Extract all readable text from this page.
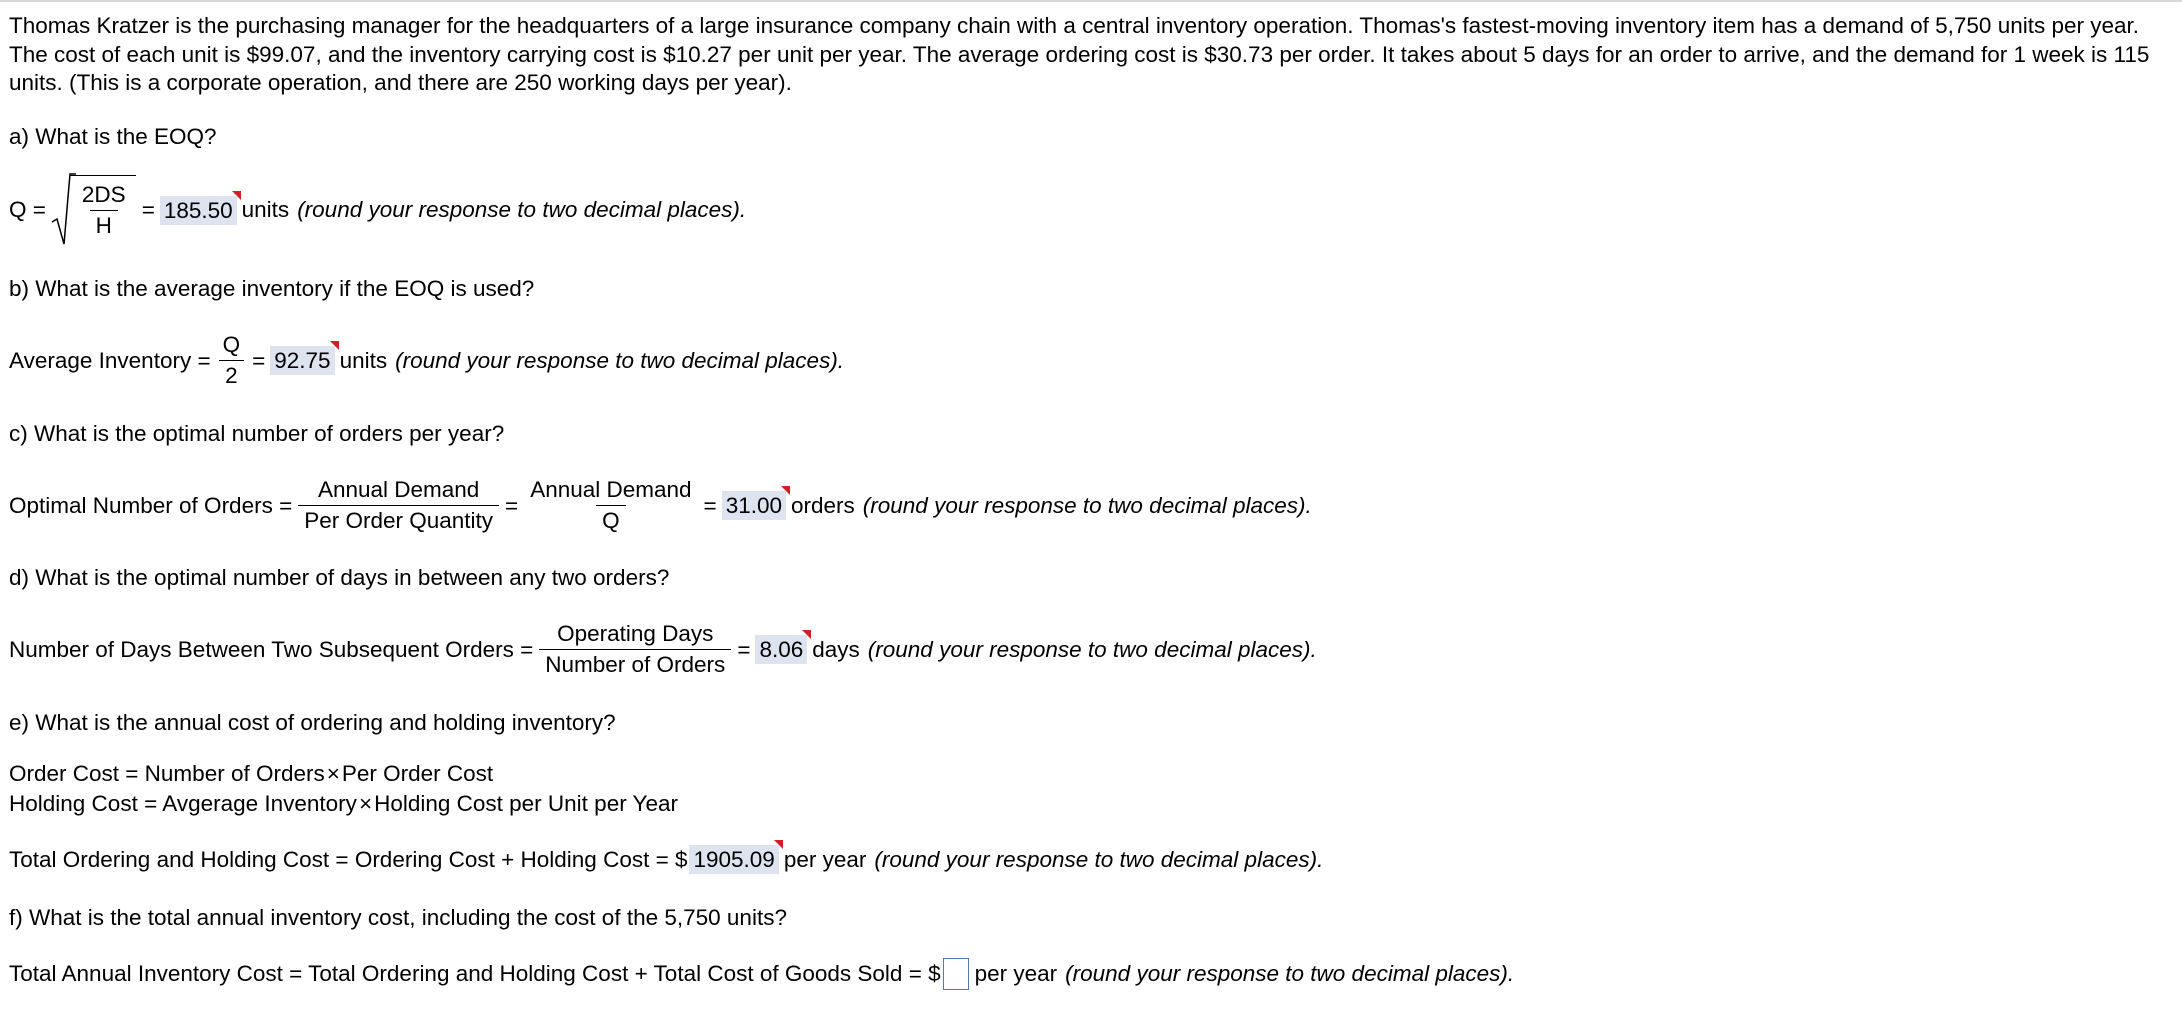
Thomas Kratzer is the purchasing manager for the headquarters of a large insurance company chain with a central inventory operation. Thomas's fastest-moving inventory item has a demand of 5,750 units per year. The cost of each unit is $99.07, and the inventory carrying cost is $10.27 per unit per year. The average ordering cost is $30.73 per order. It takes about 5 days for an order to arrive, and the demand for 1 week is 115 units. (This is a corporate operation, and there are 250 working days per year).
a) What is the EOQ?
$Q = \frac{2DS}{H} = 185.50$ units (round your response to two decimal places).
b) What is the average inventory if the EOQ is used?
Average Inventory = $\frac{Q}{2} = 92.75$ units (round your response to two decimal places).
c) What is the optimal number of orders per year?
Optimal Number of Orders = $\frac{\text{Annual Demand}}{\text{Per Order Quantity}} = \frac{\text{Annual Demand}}{Q} = 31.00$ orders (round your response to two decimal places).
d) What is the optimal number of days in between any two orders?
Number of Days Between Two Subsequent Orders = $\frac{\text{Operating Days}}{\text{Number of Orders}} = 8.06$ days (round your response to two decimal places).
e) What is the annual cost of ordering and holding inventory?
Order Cost = Number of Orders × Per Order Cost
Holding Cost = Avgerage Inventory × Holding Cost per Unit per Year
Total Ordering and Holding Cost = Ordering Cost + Holding Cost = $ 1905.09 per year (round your response to two decimal places).
f) What is the total annual inventory cost, including the cost of the 5,750 units?
Total Annual Inventory Cost = Total Ordering and Holding Cost + Total Cost of Goods Sold = $ per year (round your response to two decimal places).
